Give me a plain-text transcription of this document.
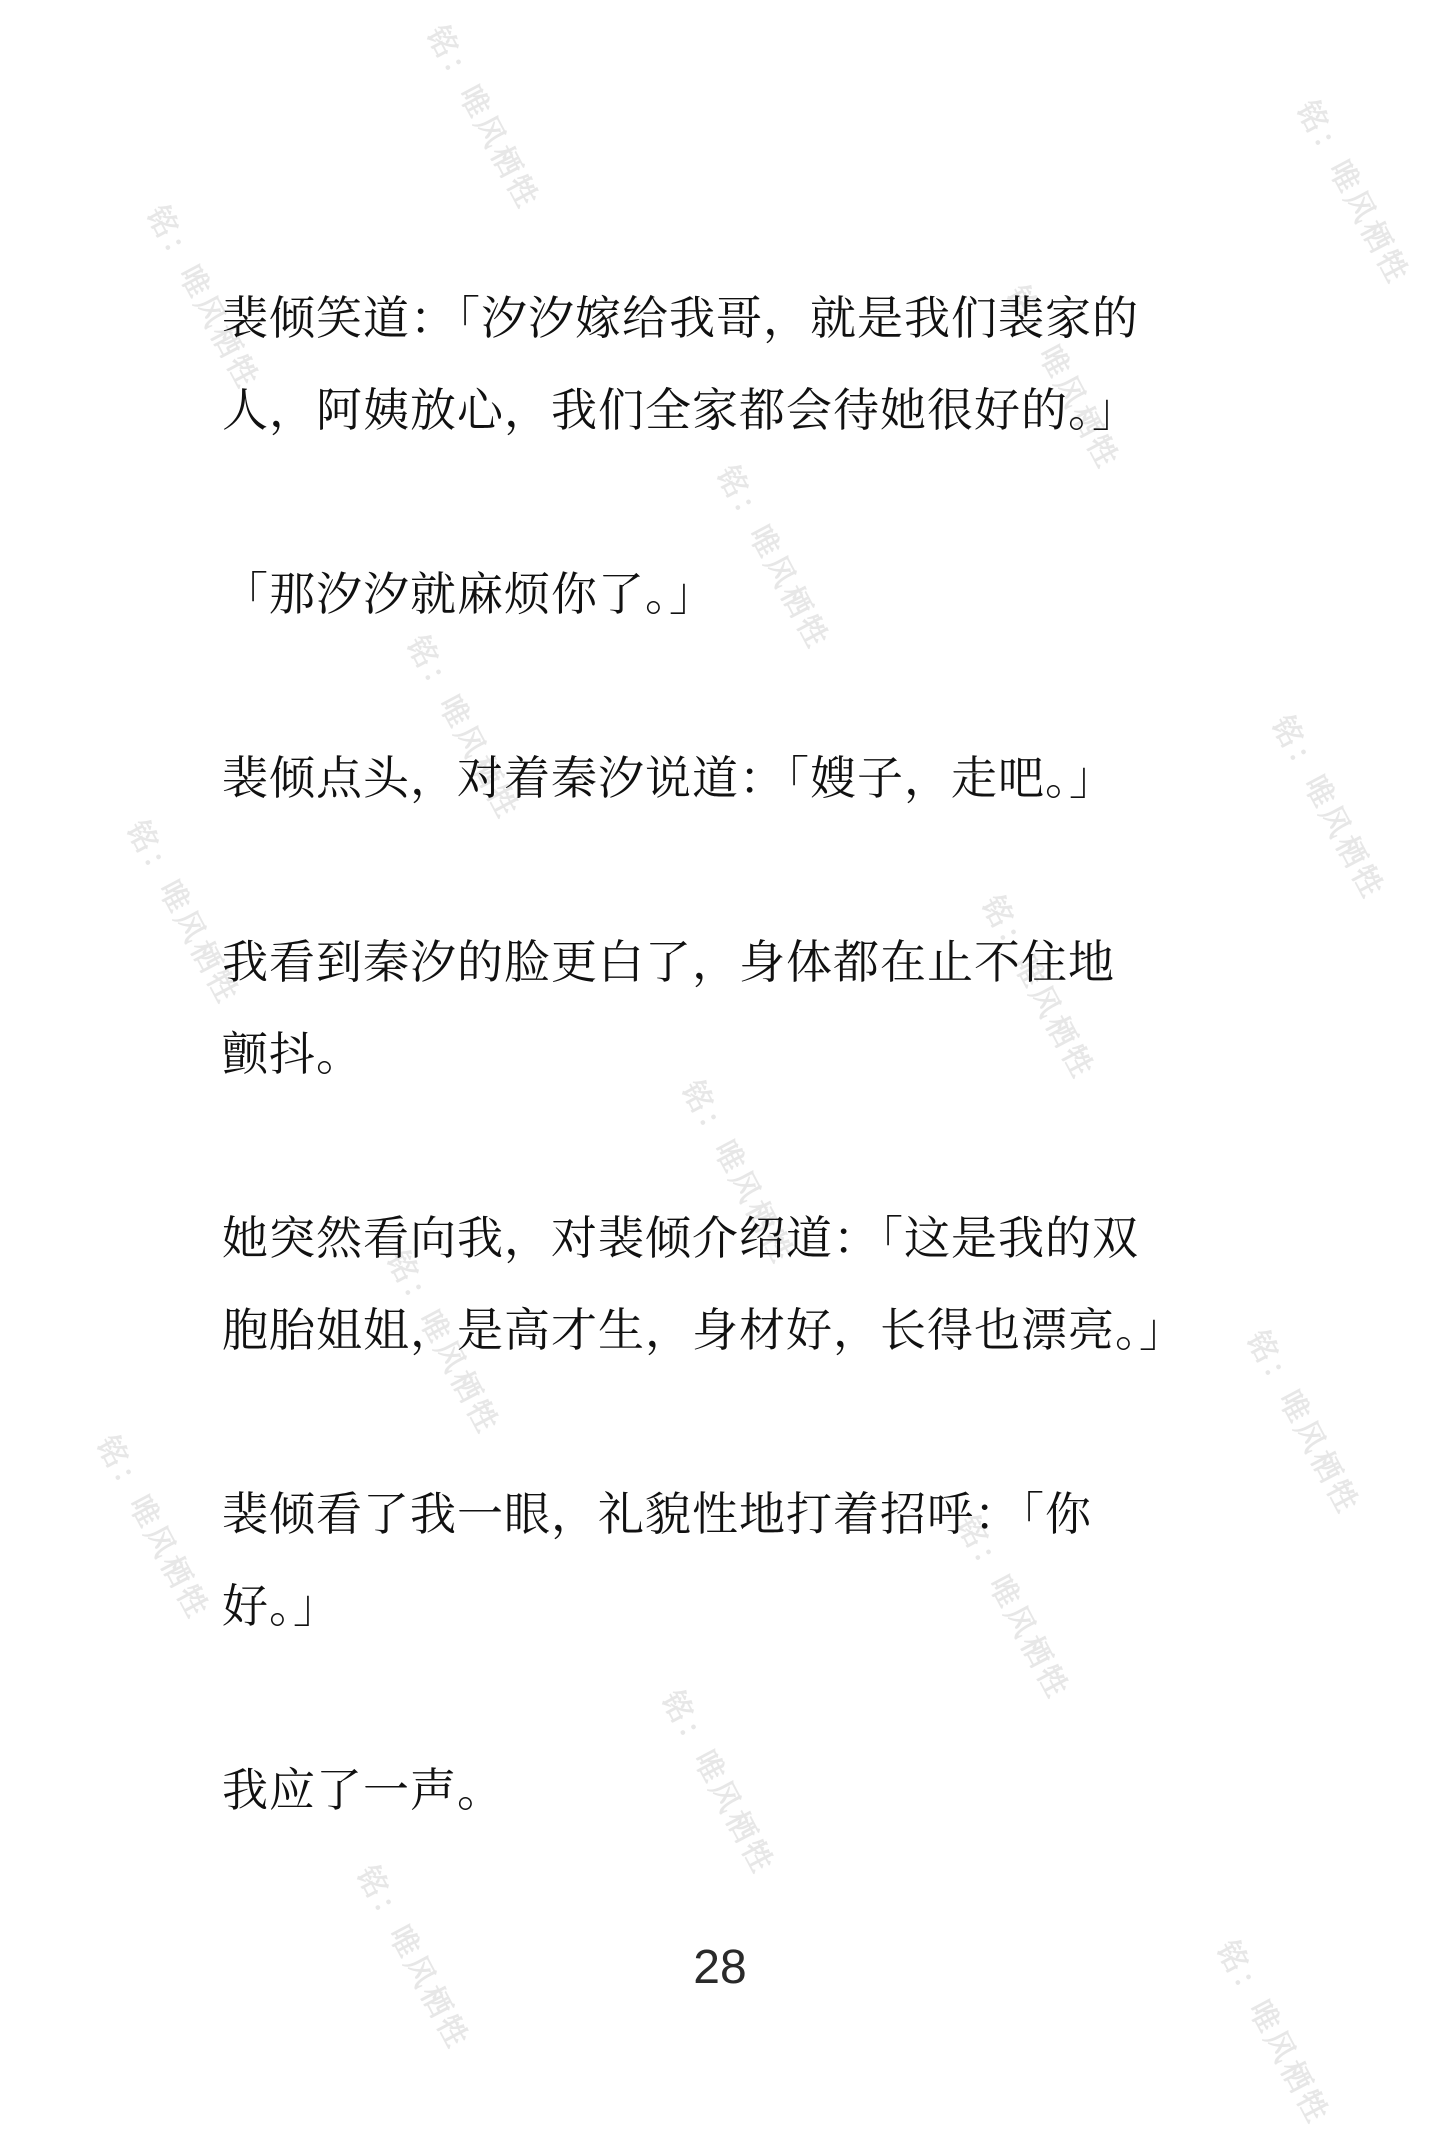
铭：唯风栖牲	铭：唯风栖牲
铭：唯风栖牲	铭：唯风栖牲
铭：唯风栖牲
铭：唯风栖牲	铭：唯风栖牲
铭：唯风栖牲	铭：唯风栖牲
铭：唯风栖牲
铭：唯风栖牲	铭：唯风栖牲
铭：唯风栖牲	铭：唯风栖牲
铭：唯风栖牲
铭：唯风栖牲	铭：唯风栖牲

裴倾笑道：「汐汐嫁给我哥，就是我们裴家的
人，阿姨放心，我们全家都会待她很好的。」

「那汐汐就麻烦你了。」

裴倾点头，对着秦汐说道：「嫂子，走吧。」

我看到秦汐的脸更白了，身体都在止不住地
颤抖。

她突然看向我，对裴倾介绍道：「这是我的双
胞胎姐姐，是高才生，身材好，长得也漂亮。」

裴倾看了我一眼，礼貌性地打着招呼：「你
好。」

我应了一声。

28
